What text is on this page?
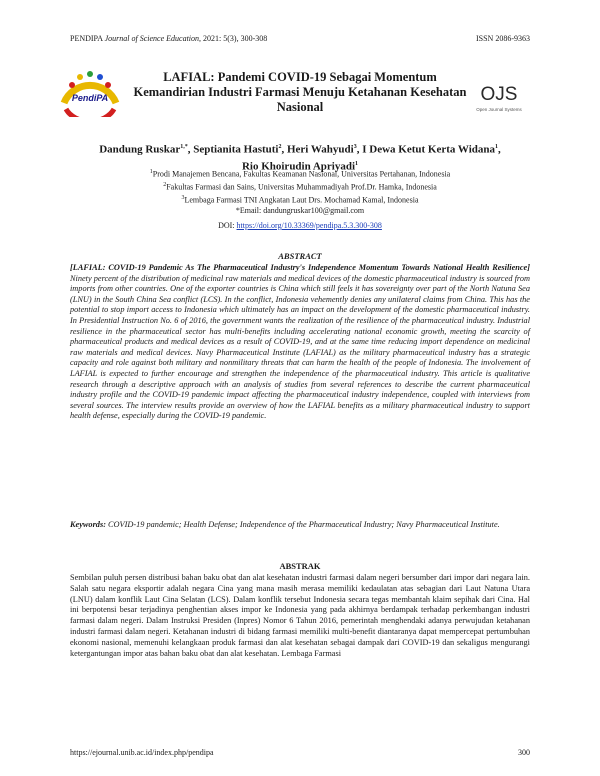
PENDIPA Journal of Science Education, 2021: 5(3), 300-308	ISSN 2086-9363
PendiPA	OJS
Open Journal Systems
LAFIAL: Pandemi COVID-19 Sebagai Momentum Kemandirian Industri Farmasi Menuju Ketahanan Kesehatan Nasional
Dandung Ruskar$^{1,*}$, Septianita Hastuti$^2$, Heri Wahyudi$^3$, I Dewa Ketut Kerta Widana$^1$,
Rio Khoirudin Apriyadi$^1$
$^1$Prodi Manajemen Bencana, Fakultas Keamanan Nasional, Universitas Pertahanan, Indonesia
$^2$Fakultas Farmasi dan Sains, Universitas Muhammadiyah Prof.Dr. Hamka, Indonesia
$^3$Lembaga Farmasi TNI Angkatan Laut Drs. Mochamad Kamal, Indonesia
*Email: dandungruskar100@gmail.com
DOI: https://doi.org/10.33369/pendipa.5.3.300-308
ABSTRACT
[LAFIAL: COVID-19 Pandemic As The Pharmaceutical Industry's Independence Momentum Towards National Health Resilience] Ninety percent of the distribution of medicinal raw materials and medical devices of the domestic pharmaceutical industry is sourced from imports from other countries. One of the exporter countries is China which still feels it has sovereignty over part of the North Natuna Sea (LNU) in the South China Sea conflict (LCS). In the conflict, Indonesia vehemently denies any unilateral claims from China. This has the potential to stop import access to Indonesia which ultimately has an impact on the development of the domestic pharmaceutical industry. In Presidential Instruction No. 6 of 2016, the government wants the realization of the resilience of the pharmaceutical industry. Industrial resilience in the pharmaceutical sector has multi-benefits including accelerating national economic growth, meeting the scarcity of pharmaceutical products and medical devices as a result of COVID-19, and at the same time reducing import dependence on medicinal raw materials and medical devices. Navy Pharmaceutical Institute (LAFIAL) as the military pharmaceutical industry has a strategic capacity and role against both military and nonmilitary threats that can harm the health of the people of Indonesia. The involvement of LAFIAL is expected to further encourage and strengthen the independence of the pharmaceutical industry. This article is qualitative research through a descriptive approach with an analysis of studies from several references to describe the current pharmaceutical industry profile and the COVID-19 pandemic impact affecting the pharmaceutical industry independence, coupled with interviews from several sources. The interview results provide an overview of how the LAFIAL benefits as a military pharmaceutical industry to support health defense, especially during the COVID-19 pandemic.
Keywords: COVID-19 pandemic; Health Defense; Independence of the Pharmaceutical Industry; Navy Pharmaceutical Institute.
ABSTRAK
Sembilan puluh persen distribusi bahan baku obat dan alat kesehatan industri farmasi dalam negeri bersumber dari impor dari negara lain. Salah satu negara eksportir adalah negara Cina yang mana masih merasa memiliki kedaulatan atas sebagian dari Laut Natuna Utara (LNU) dalam konflik Laut Cina Selatan (LCS). Dalam konflik tersebut Indonesia secara tegas membantah klaim sepihak dari Cina. Hal ini berpotensi besar terjadinya penghentian akses impor ke Indonesia yang pada akhirnya berdampak terhadap perkembangan industri farmasi dalam negeri. Dalam Instruksi Presiden (Inpres) Nomor 6 Tahun 2016, pemerintah menghendaki adanya perwujudan ketahanan industri farmasi dalam negeri. Ketahanan industri di bidang farmasi memiliki multi-benefit diantaranya dapat mempercepat pertumbuhan ekonomi nasional, memenuhi kelangkaan produk farmasi dan alat kesehatan sebagai dampak dari COVID-19 dan sekaligus mengurangi ketergantungan impor atas bahan baku obat dan alat kesehatan. Lembaga Farmasi
https://ejournal.unib.ac.id/index.php/pendipa	300
